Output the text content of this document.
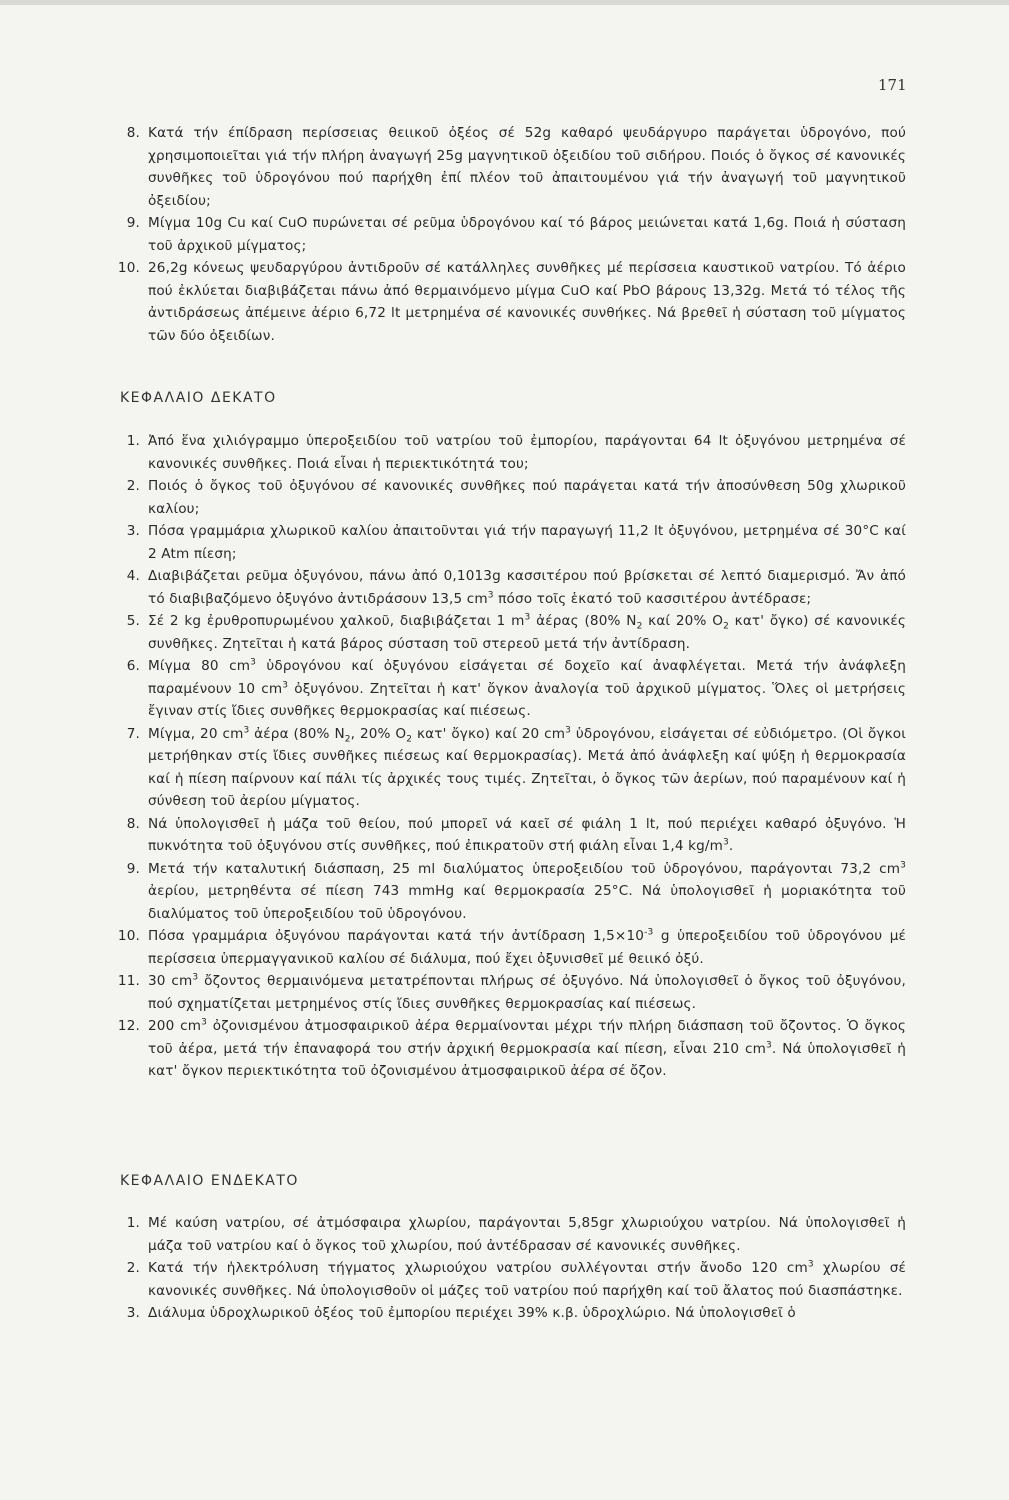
171
8. Κατά τήν έπίδραση περίσσειας θειικοῦ ὀξέος σέ 52g καθαρό ψευδάργυρο παράγεται ὑδρογόνο, πού χρησιμοποιεῖται γιά τήν πλήρη ἀναγωγή 25g μαγνητικοῦ ὀξειδίου τοῦ σιδήρου. Ποιός ὁ ὄγκος σέ κανονικές συνθῆκες τοῦ ὑδρογόνου πού παρήχθη ἐπί πλέον τοῦ ἀπαιτουμένου γιά τήν ἀναγωγή τοῦ μαγνητικοῦ ὀξειδίου;
9. Μίγμα 10g Cu καί CuO πυρώνεται σέ ρεῦμα ὑδρογόνου καί τό βάρος μειώνεται κατά 1,6g. Ποιά ἡ σύσταση τοῦ ἀρχικοῦ μίγματος;
10. 26,2g κόνεως ψευδαργύρου ἀντιδροῦν σέ κατάλληλες συνθῆκες μέ περίσσεια καυστικοῦ νατρίου. Τό ἀέριο πού ἐκλύεται διαβιβάζεται πάνω ἀπό θερμαινόμενο μίγμα CuO καί PbO βάρους 13,32g. Μετά τό τέλος τῆς ἀντιδράσεως ἀπέμεινε ἀέριο 6,72 lt μετρημένα σέ κανονικές συνθήκες. Νά βρεθεῖ ἡ σύσταση τοῦ μίγματος τῶν δύο ὀξειδίων.
ΚΕΦΑΛΑΙΟ ΔΕΚΑΤΟ
1. Ἀπό ἕνα χιλιόγραμμο ὑπεροξειδίου τοῦ νατρίου τοῦ ἐμπορίου, παράγονται 64 lt ὀξυγόνου μετρημένα σέ κανονικές συνθῆκες. Ποιά εἶναι ἡ περιεκτικότητά του;
2. Ποιός ὁ ὄγκος τοῦ ὀξυγόνου σέ κανονικές συνθῆκες πού παράγεται κατά τήν ἀποσύνθεση 50g χλωρικοῦ καλίου;
3. Πόσα γραμμάρια χλωρικοῦ καλίου ἀπαιτοῦνται γιά τήν παραγωγή 11,2 lt ὀξυγόνου, μετρημένα σέ 30°C καί 2 Atm πίεση;
4. Διαβιβάζεται ρεῦμα ὀξυγόνου, πάνω ἀπό 0,1013g κασσιτέρου πού βρίσκεται σέ λεπτό διαμερισμό. Ἄν ἀπό τό διαβιβαζόμενο ὀξυγόνο ἀντιδράσουν 13,5 $cm^3$ πόσο τοῖς ἑκατό τοῦ κασσιτέρου ἀντέδρασε;
5. Σέ 2 kg ἐρυθροπυρωμένου χαλκοῦ, διαβιβάζεται 1 $m^3$ ἀέρας (80% $N_2$ καί 20% $O_2$ κατ' ὄγκο) σέ κανονικές συνθῆκες. Ζητεῖται ἡ κατά βάρος σύσταση τοῦ στερεοῦ μετά τήν ἀντίδραση.
6. Μίγμα 80 $cm^3$ ὑδρογόνου καί ὀξυγόνου εἰσάγεται σέ δοχεῖο καί ἀναφλέγεται. Μετά τήν ἀνάφλεξη παραμένουν 10 $cm^3$ ὀξυγόνου. Ζητεῖται ἡ κατ' ὄγκον ἀναλογία τοῦ ἀρχικοῦ μίγματος. Ὅλες οἱ μετρήσεις ἔγιναν στίς ἴδιες συνθῆκες θερμοκρασίας καί πιέσεως.
7. Μίγμα, 20 $cm^3$ ἀέρα (80% $N_2$, 20% $O_2$ κατ' ὄγκο) καί 20 $cm^3$ ὑδρογόνου, εἰσάγεται σέ εὐδιόμετρο. (Οἱ ὄγκοι μετρήθηκαν στίς ἴδιες συνθῆκες πιέσεως καί θερμοκρασίας). Μετά ἀπό ἀνάφλεξη καί ψύξη ἡ θερμοκρασία καί ἡ πίεση παίρνουν καί πάλι τίς ἀρχικές τους τιμές. Ζητεῖται, ὁ ὄγκος τῶν ἀερίων, πού παραμένουν καί ἡ σύνθεση τοῦ ἀερίου μίγματος.
8. Νά ὑπολογισθεῖ ἡ μάζα τοῦ θείου, πού μπορεῖ νά καεῖ σέ φιάλη 1 lt, πού περιέχει καθαρό ὀξυγόνο. Ἡ πυκνότητα τοῦ ὀξυγόνου στίς συνθῆκες, πού ἐπικρατοῦν στή φιάλη εἶναι 1,4 $kg/m^3$.
9. Μετά τήν καταλυτική διάσπαση, 25 ml διαλύματος ὑπεροξειδίου τοῦ ὑδρογόνου, παράγονται 73,2 $cm^3$ ἀερίου, μετρηθέντα σέ πίεση 743 mmHg καί θερμοκρασία 25°C. Νά ὑπολογισθεῖ ἡ μοριακότητα τοῦ διαλύματος τοῦ ὑπεροξειδίου τοῦ ὑδρογόνου.
10. Πόσα γραμμάρια ὀξυγόνου παράγονται κατά τήν ἀντίδραση $1,5\times 10^{-3}$ g ὑπεροξειδίου τοῦ ὑδρογόνου μέ περίσσεια ὑπερμαγγανικοῦ καλίου σέ διάλυμα, πού ἔχει ὀξυνισθεῖ μέ θειικό ὀξύ.
11. 30 $cm^3$ ὄζοντος θερμαινόμενα μετατρέπονται πλήρως σέ ὀξυγόνο. Νά ὑπολογισθεῖ ὁ ὄγκος τοῦ ὀξυγόνου, πού σχηματίζεται μετρημένος στίς ἴδιες συνθῆκες θερμοκρασίας καί πιέσεως.
12. 200 $cm^3$ ὀζονισμένου ἀτμοσφαιρικοῦ ἀέρα θερμαίνονται μέχρι τήν πλήρη διάσπαση τοῦ ὄζοντος. Ὁ ὄγκος τοῦ ἀέρα, μετά τήν ἐπαναφορά του στήν ἀρχική θερμοκρασία καί πίεση, εἶναι 210 $cm^3$. Νά ὑπολογισθεῖ ἡ κατ' ὄγκον περιεκτικότητα τοῦ ὀζονισμένου ἀτμοσφαιρικοῦ ἀέρα σέ ὄζον.
ΚΕΦΑΛΑΙΟ ΕΝΔΕΚΑΤΟ
1. Μέ καύση νατρίου, σέ ἀτμόσφαιρα χλωρίου, παράγονται 5,85gr χλωριούχου νατρίου. Νά ὑπολογισθεῖ ἡ μάζα τοῦ νατρίου καί ὁ ὄγκος τοῦ χλωρίου, πού ἀντέδρασαν σέ κανονικές συνθῆκες.
2. Κατά τήν ἠλεκτρόλυση τήγματος χλωριούχου νατρίου συλλέγονται στήν ἄνοδο 120 $cm^3$ χλωρίου σέ κανονικές συνθῆκες. Νά ὑπολογισθοῦν οἱ μάζες τοῦ νατρίου πού παρήχθη καί τοῦ ἄλατος πού διασπάστηκε.
3. Διάλυμα ὑδροχλωρικοῦ ὀξέος τοῦ ἐμπορίου περιέχει 39% κ.β. ὑδροχλώριο. Νά ὑπολογισθεῖ ὁ
